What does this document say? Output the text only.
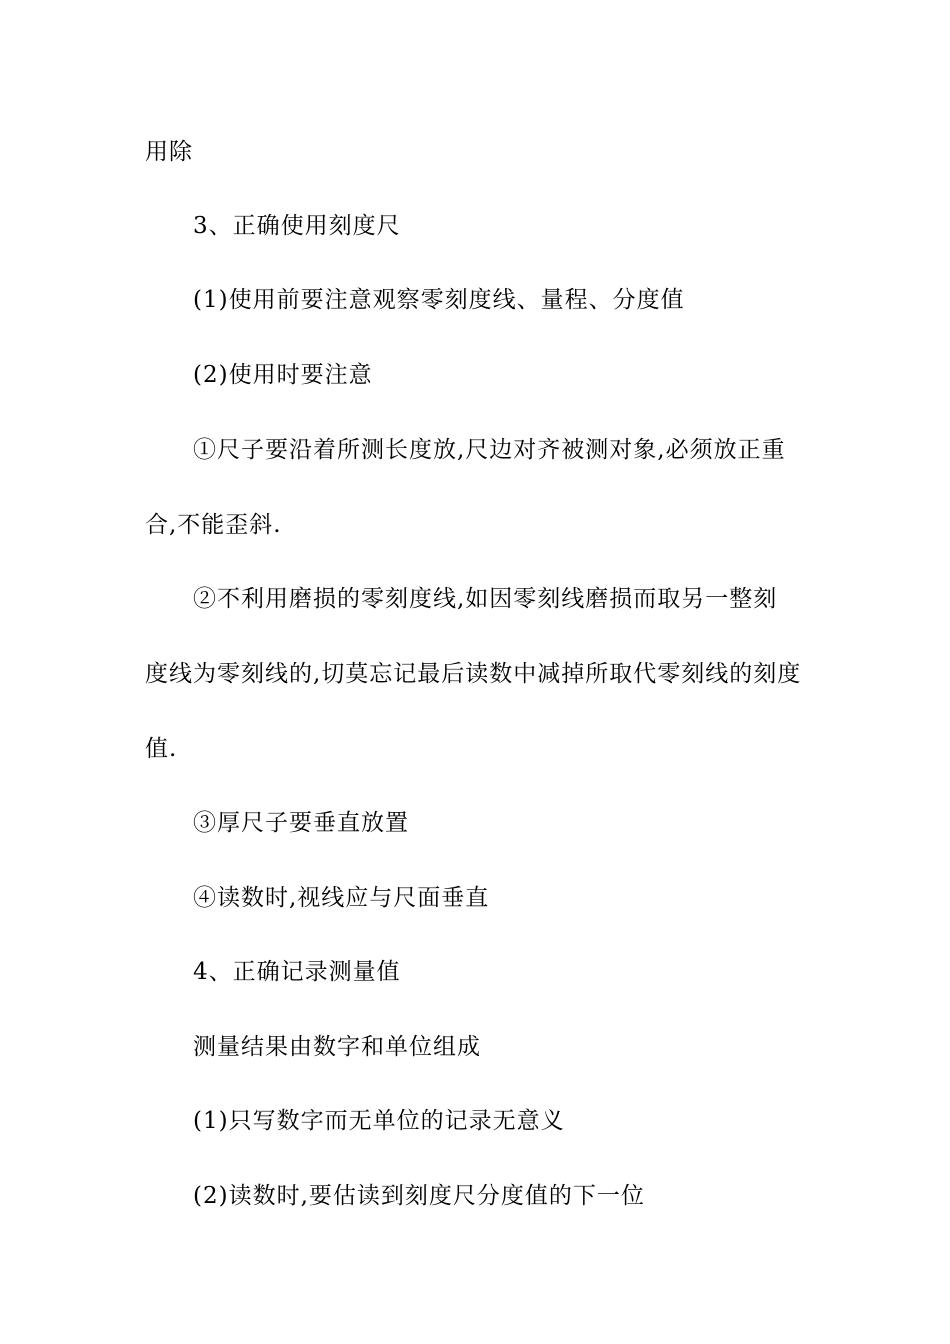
用除
3、正确使用刻度尺
(1)使用前要注意观察零刻度线、量程、分度值
(2)使用时要注意
①尺子要沿着所测长度放,尺边对齐被测对象,必须放正重
合,不能歪斜.
②不利用磨损的零刻度线,如因零刻线磨损而取另一整刻
度线为零刻线的,切莫忘记最后读数中减掉所取代零刻线的刻度
值.
③厚尺子要垂直放置
④读数时,视线应与尺面垂直
4、正确记录测量值
测量结果由数字和单位组成
(1)只写数字而无单位的记录无意义
(2)读数时,要估读到刻度尺分度值的下一位
